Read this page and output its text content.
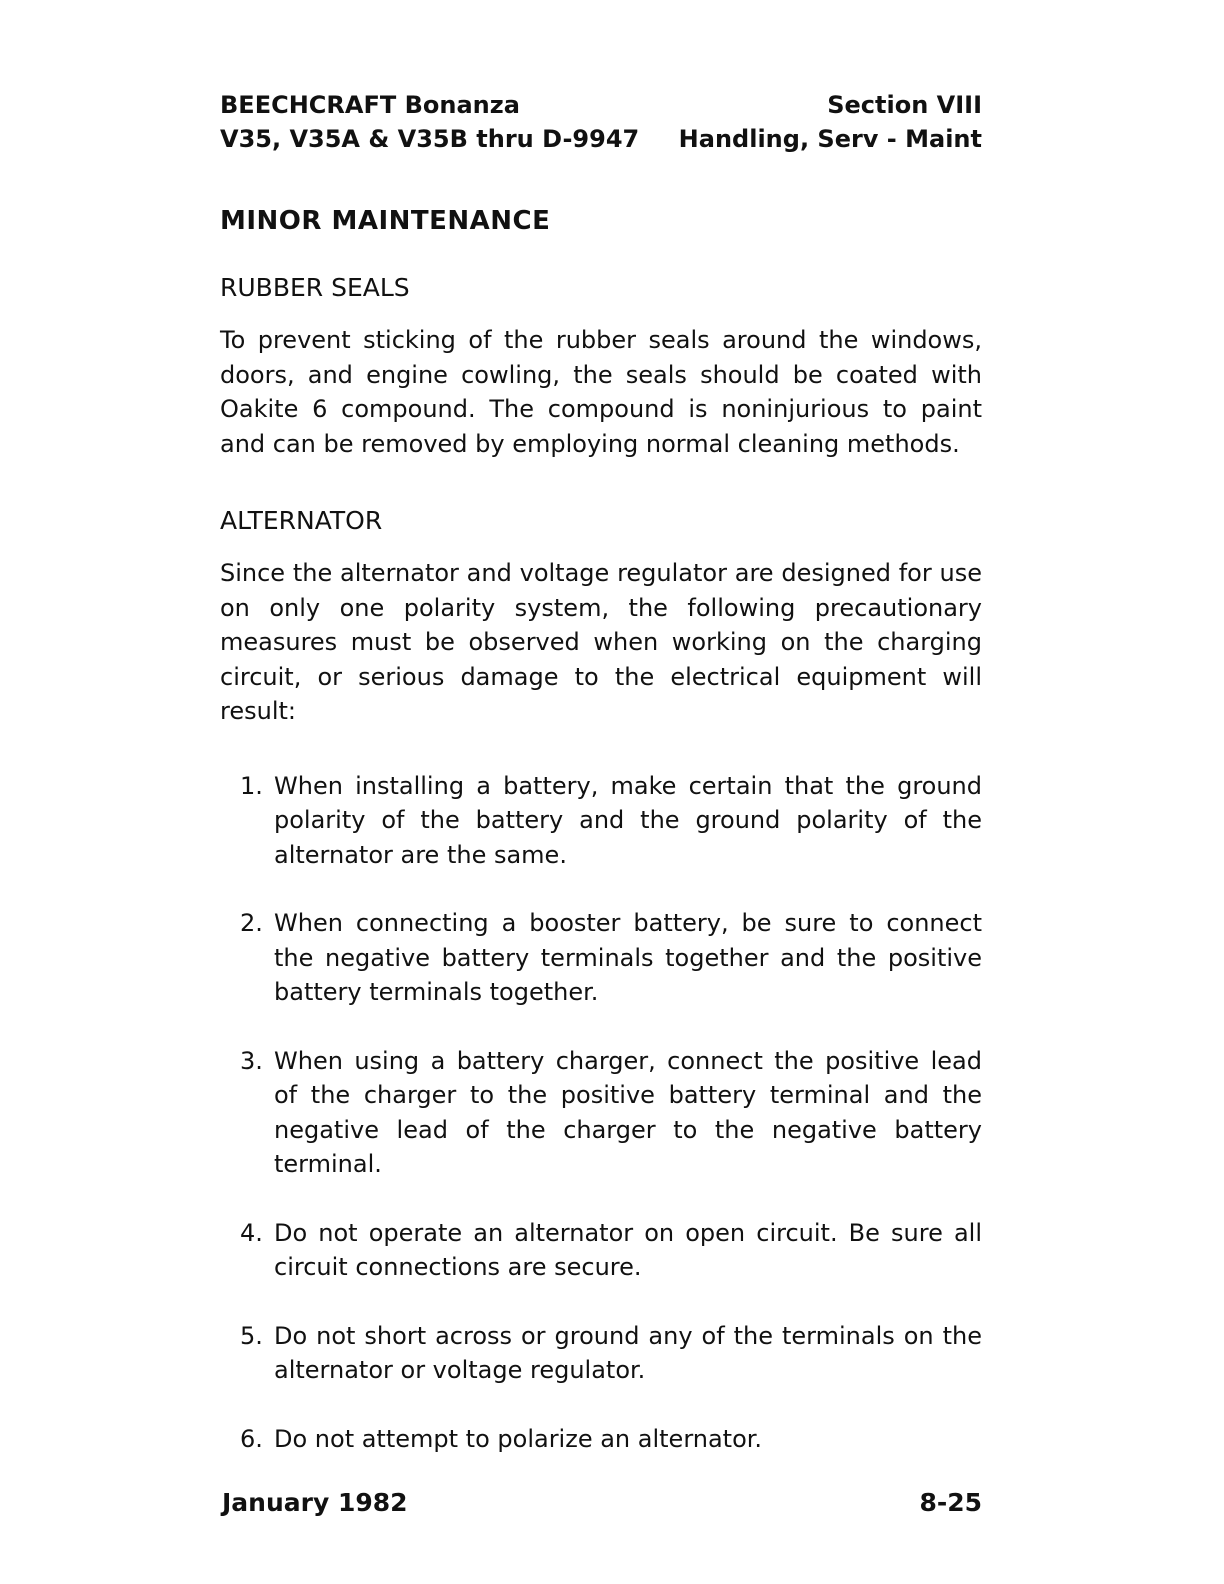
BEECHCRAFT Bonanza	Section VIII
V35, V35A & V35B thru D-9947 Handling, Serv - Maint
MINOR MAINTENANCE
RUBBER SEALS
To prevent sticking of the rubber seals around the windows, doors, and engine cowling, the seals should be coated with Oakite 6 compound. The compound is noninjurious to paint and can be removed by employing normal cleaning methods.
ALTERNATOR
Since the alternator and voltage regulator are designed for use on only one polarity system, the following precautionary measures must be observed when working on the charging circuit, or serious damage to the electrical equipment will result:
1. When installing a battery, make certain that the ground polarity of the battery and the ground polarity of the alternator are the same.
2. When connecting a booster battery, be sure to connect the negative battery terminals together and the positive battery terminals together.
3. When using a battery charger, connect the positive lead of the charger to the positive battery terminal and the negative lead of the charger to the negative battery terminal.
4. Do not operate an alternator on open circuit. Be sure all circuit connections are secure.
5. Do not short across or ground any of the terminals on the alternator or voltage regulator.
6. Do not attempt to polarize an alternator.
January 1982	8-25
